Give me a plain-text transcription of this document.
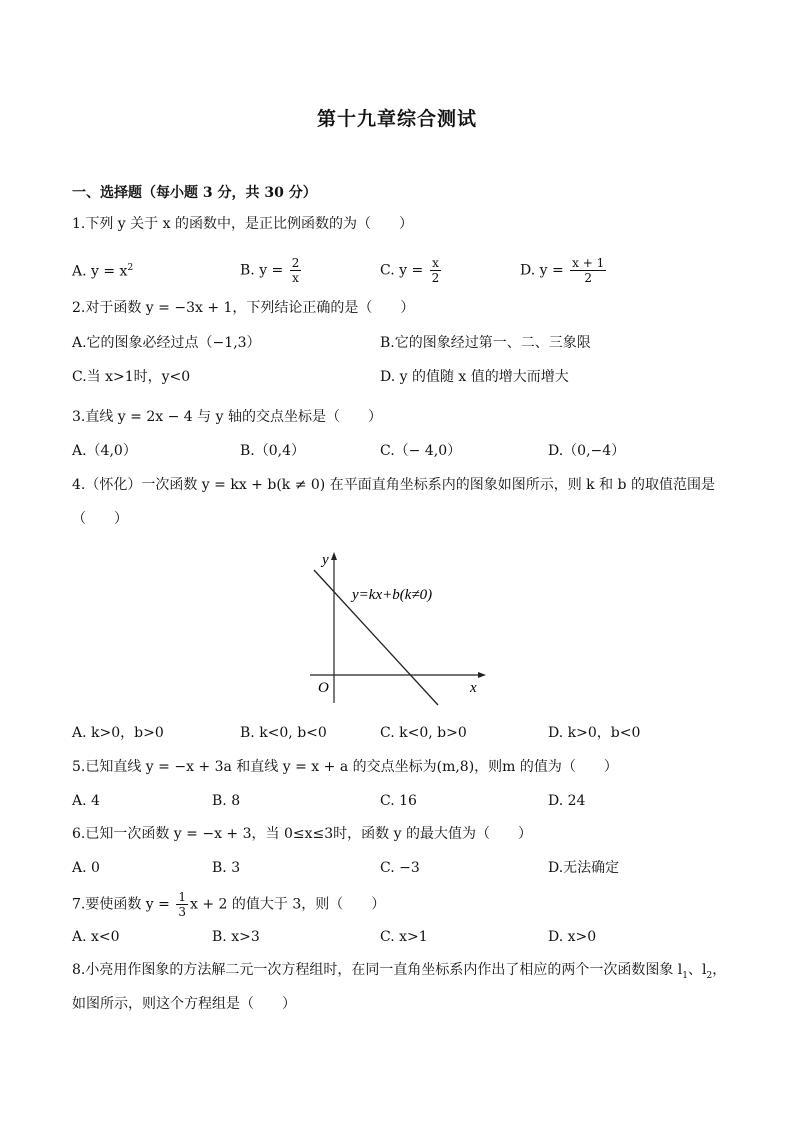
第十九章综合测试
一、选择题（每小题 3 分，共 30 分）
1.下列 y 关于 x 的函数中，是正比例函数的为（　　）
A. $y = x^2$	B. $y = \frac{2}{x}$	C. $y = \frac{x}{2}$	D. $y = \frac{x + 1}{2}$
2.对于函数 y = −3x + 1，下列结论正确的是（　　）
A.它的图象必经过点（−1,3）	B.它的图象经过第一、二、三象限
C.当 x>1时，y<0	D. y 的值随 x 值的增大而增大
3.直线 y = 2x − 4 与 y 轴的交点坐标是（　　）
A.（4,0）	B.（0,4）	C.（− 4,0）	D.（0,−4）
4.（怀化）一次函数 y = kx + b(k ≠ 0) 在平面直角坐标系内的图象如图所示，则 k 和 b 的取值范围是
（　　）
y
x
O
y=kx+b(k≠0)
A. k>0，b>0	B. k<0, b<0	C. k<0, b>0	D. k>0，b<0
5.已知直线 y = −x + 3a 和直线 y = x + a 的交点坐标为(m,8)，则m 的值为（　　）
A. 4	B. 8	C. 16	D. 24
6.已知一次函数 y = −x + 3，当 0≤x≤3时，函数 y 的最大值为（　　）
A. 0	B. 3	C. −3	D.无法确定
7.要使函数 $y = \frac{1}{3}$ x + 2 的值大于 3，则（　　）
A. x<0	B. x>3	C. x>1	D. x>0
8.小亮用作图象的方法解二元一次方程组时，在同一直角坐标系内作出了相应的两个一次函数图象 $l_1$、$l_2$，
如图所示，则这个方程组是（　　）
